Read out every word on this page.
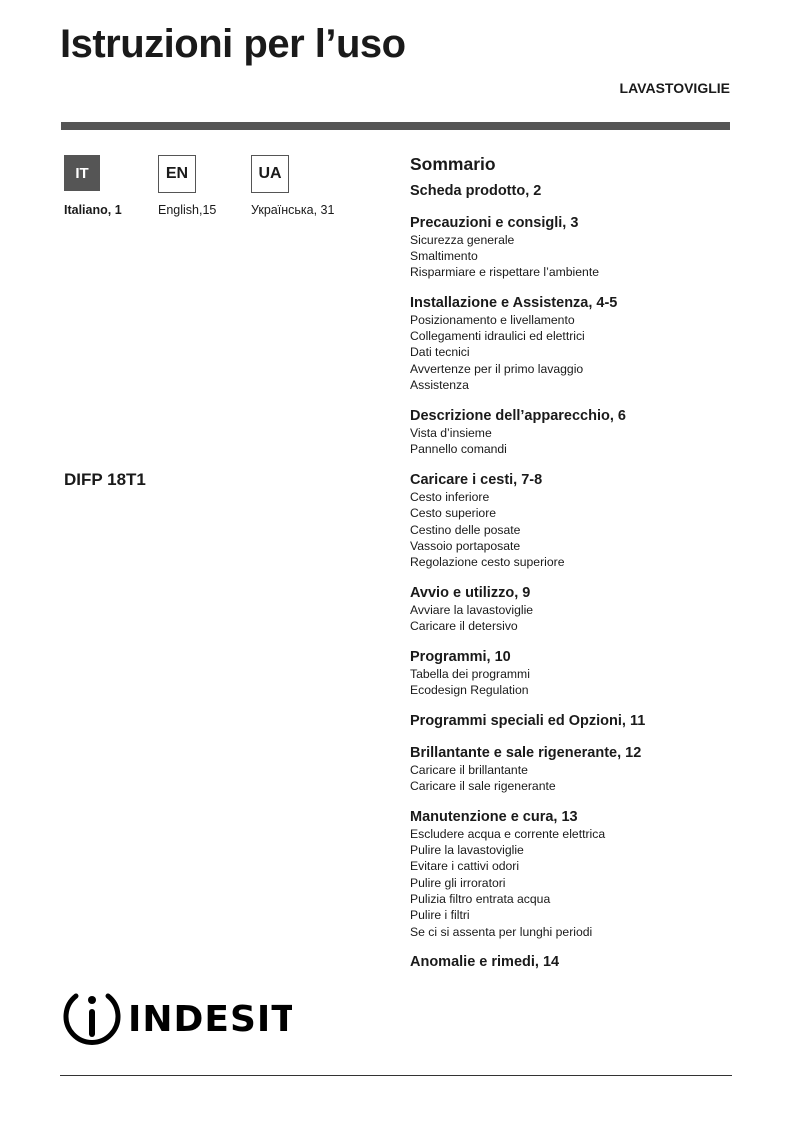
Istruzioni per l’uso
LAVASTOVIGLIE
IT
Italiano, 1
EN
English,15
UA
Українська, 31
DIFP 18T1
Sommario
Scheda prodotto, 2
Precauzioni e consigli, 3
Sicurezza generale
Smaltimento
Risparmiare e rispettare l’ambiente
Installazione e Assistenza, 4-5
Posizionamento e livellamento
Collegamenti idraulici ed elettrici
Dati tecnici
Avvertenze per il primo lavaggio
Assistenza
Descrizione dell’apparecchio, 6
Vista d’insieme
Pannello comandi
Caricare i cesti, 7-8
Cesto inferiore
Cesto superiore
Cestino delle posate
Vassoio portaposate
Regolazione cesto superiore
Avvio e utilizzo, 9
Avviare la lavastoviglie
Caricare il detersivo
Programmi, 10
Tabella dei programmi
Ecodesign Regulation
Programmi speciali ed Opzioni, 11
Brillantante e sale rigenerante, 12
Caricare il brillantante
Caricare il sale rigenerante
Manutenzione e cura, 13
Escludere acqua e corrente elettrica
Pulire la lavastoviglie
Evitare i cattivi odori
Pulire gli irroratori
Pulizia filtro entrata acqua
Pulire i filtri
Se ci si assenta per lunghi periodi
Anomalie e rimedi, 14
INDESIT
